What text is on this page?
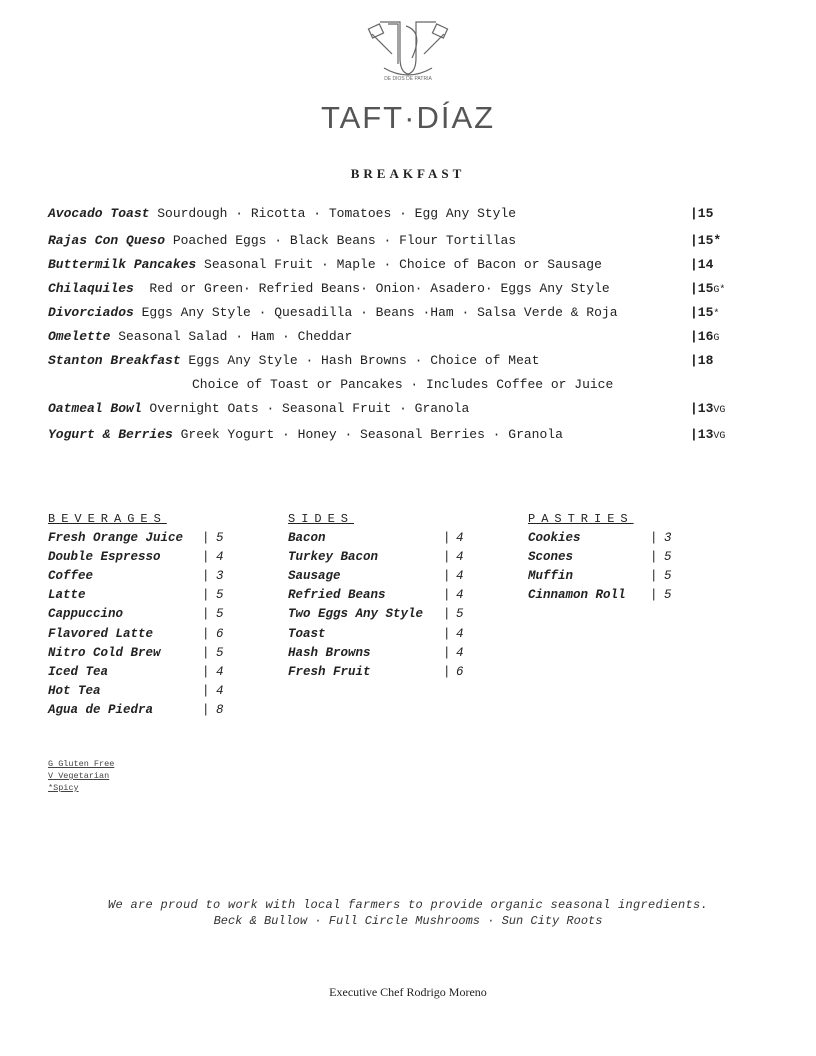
DE DIOS DE PATRIA
TAFT·DÍAZ
BREAKFAST
Avocado Toast Sourdough · Ricotta · Tomatoes · Egg Any Style	|15
Rajas Con Queso Poached Eggs · Black Beans · Flour Tortillas	|15*
Buttermilk Pancakes Seasonal Fruit · Maple · Choice of Bacon or Sausage	|14
Chilaquiles  Red or Green· Refried Beans· Onion· Asadero· Eggs Any Style	|15G*
Divorciados Eggs Any Style · Quesadilla · Beans ·Ham · Salsa Verde & Roja	|15*
Omelette Seasonal Salad · Ham · Cheddar	|16G
Stanton Breakfast Eggs Any Style · Hash Browns · Choice of Meat	|18
Choice of Toast or Pancakes · Includes Coffee or Juice
Oatmeal Bowl Overnight Oats · Seasonal Fruit · Granola	|13VG
Yogurt & Berries Greek Yogurt · Honey · Seasonal Berries · Granola	|13VG
BEVERAGES
Fresh Orange Juice | 5
Double Espresso	| 4
Coffee	| 3
Latte	| 5
Cappuccino	| 5
Flavored Latte	| 6
Nitro Cold Brew	| 5
Iced Tea	| 4
Hot Tea	| 4
Agua de Piedra	| 8
SIDES
Bacon	| 4
Turkey Bacon	| 4
Sausage	| 4
Refried Beans	| 4
Two Eggs Any Style | 5
Toast	| 4
Hash Browns	| 4
Fresh Fruit	| 6
PASTRIES
Cookies	| 3
Scones	| 5
Muffin	| 5
Cinnamon Roll | 5
G Gluten Free
V Vegetarian
*Spicy
We are proud to work with local farmers to provide organic seasonal ingredients.
Beck & Bullow · Full Circle Mushrooms · Sun City Roots
Executive Chef Rodrigo Moreno
